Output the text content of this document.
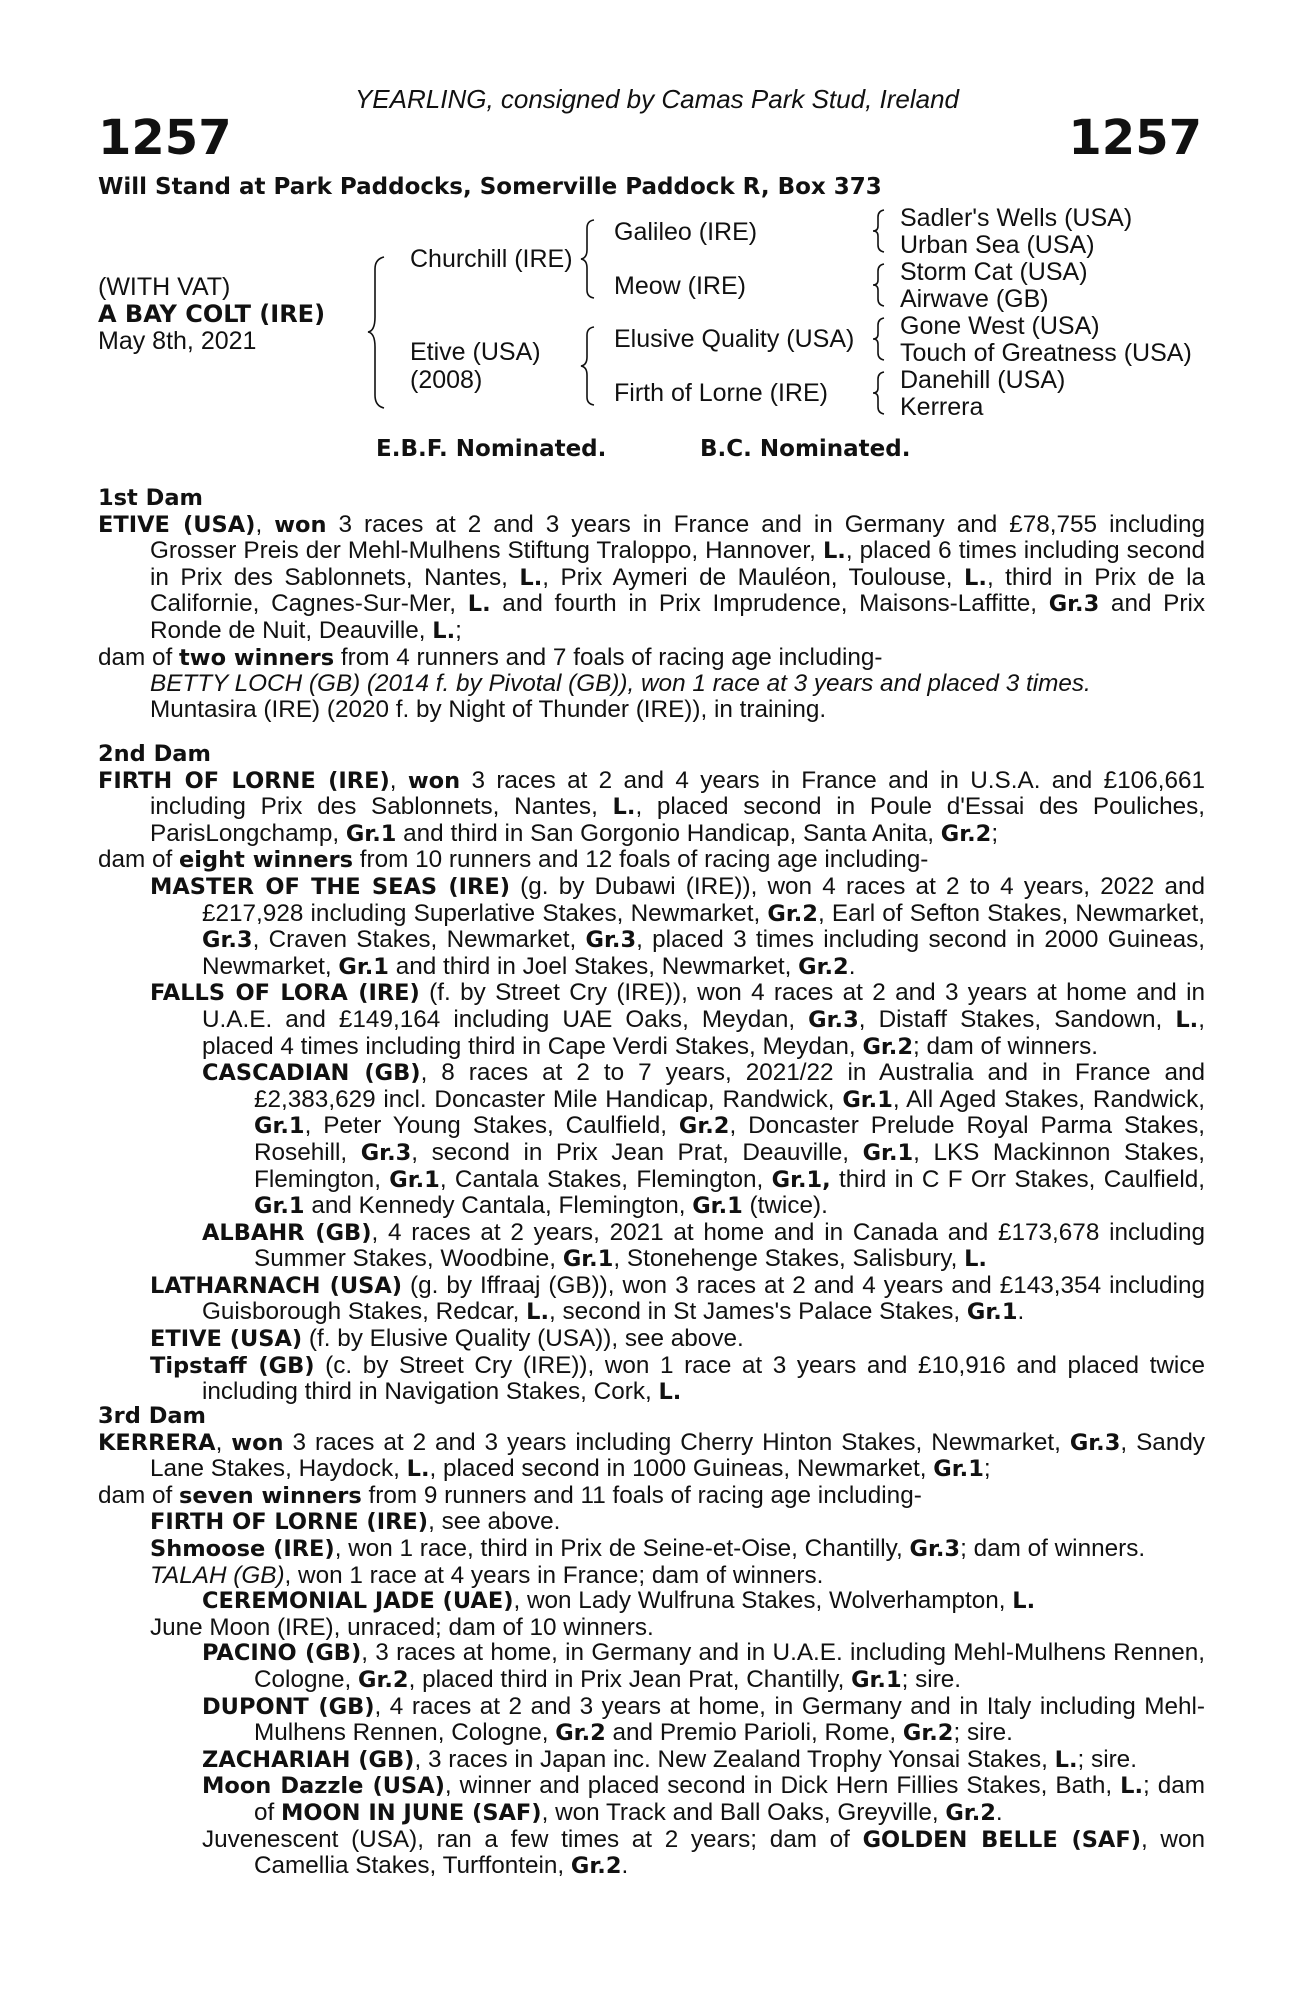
YEARLING, consigned by Camas Park Stud, Ireland
1257	1257
Will Stand at Park Paddocks, Somerville Paddock R, Box 373
(WITH VAT)
A BAY COLT (IRE)
May 8th, 2021
Churchill (IRE)
Etive (USA)
(2008)
Galileo (IRE)
Meow (IRE)
Elusive Quality (USA)
Firth of Lorne (IRE)
Sadler's Wells (USA)
Urban Sea (USA)
Storm Cat (USA)
Airwave (GB)
Gone West (USA)
Touch of Greatness (USA)
Danehill (USA)
Kerrera
E.B.F. Nominated.	B.C. Nominated.

1st Dam

ETIVE (USA), won 3 races at 2 and 3 years in France and in Germany and £78,755 including Grosser Preis der Mehl-Mulhens Stiftung Traloppo, Hannover, L., placed 6 times including second in Prix des Sablonnets, Nantes, L., Prix Aymeri de Mauléon, Toulouse, L., third in Prix de la Californie, Cagnes-Sur-Mer, L. and fourth in Prix Imprudence, Maisons-Laffitte, Gr.3 and Prix Ronde de Nuit, Deauville, L.;

dam of two winners from 4 runners and 7 foals of racing age including-

BETTY LOCH (GB) (2014 f. by Pivotal (GB)), won 1 race at 3 years and placed 3 times.

Muntasira (IRE) (2020 f. by Night of Thunder (IRE)), in training.

2nd Dam

FIRTH OF LORNE (IRE), won 3 races at 2 and 4 years in France and in U.S.A. and £106,661 including Prix des Sablonnets, Nantes, L., placed second in Poule d'Essai des Pouliches, ParisLongchamp, Gr.1 and third in San Gorgonio Handicap, Santa Anita, Gr.2;

dam of eight winners from 10 runners and 12 foals of racing age including-

MASTER OF THE SEAS (IRE) (g. by Dubawi (IRE)), won 4 races at 2 to 4 years, 2022 and £217,928 including Superlative Stakes, Newmarket, Gr.2, Earl of Sefton Stakes, Newmarket, Gr.3, Craven Stakes, Newmarket, Gr.3, placed 3 times including second in 2000 Guineas, Newmarket, Gr.1 and third in Joel Stakes, Newmarket, Gr.2.

FALLS OF LORA (IRE) (f. by Street Cry (IRE)), won 4 races at 2 and 3 years at home and in U.A.E. and £149,164 including UAE Oaks, Meydan, Gr.3, Distaff Stakes, Sandown, L., placed 4 times including third in Cape Verdi Stakes, Meydan, Gr.2; dam of winners.

CASCADIAN (GB), 8 races at 2 to 7 years, 2021/22 in Australia and in France and £2,383,629 incl. Doncaster Mile Handicap, Randwick, Gr.1, All Aged Stakes, Randwick, Gr.1, Peter Young Stakes, Caulfield, Gr.2, Doncaster Prelude Royal Parma Stakes, Rosehill, Gr.3, second in Prix Jean Prat, Deauville, Gr.1, LKS Mackinnon Stakes, Flemington, Gr.1, Cantala Stakes, Flemington, Gr.1, third in C F Orr Stakes, Caulfield, Gr.1 and Kennedy Cantala, Flemington, Gr.1 (twice).

ALBAHR (GB), 4 races at 2 years, 2021 at home and in Canada and £173,678 including Summer Stakes, Woodbine, Gr.1, Stonehenge Stakes, Salisbury, L.

LATHARNACH (USA) (g. by Iffraaj (GB)), won 3 races at 2 and 4 years and £143,354 including Guisborough Stakes, Redcar, L., second in St James's Palace Stakes, Gr.1.

ETIVE (USA) (f. by Elusive Quality (USA)), see above.

Tipstaff (GB) (c. by Street Cry (IRE)), won 1 race at 3 years and £10,916 and placed twice including third in Navigation Stakes, Cork, L.

3rd Dam

KERRERA, won 3 races at 2 and 3 years including Cherry Hinton Stakes, Newmarket, Gr.3, Sandy Lane Stakes, Haydock, L., placed second in 1000 Guineas, Newmarket, Gr.1;

dam of seven winners from 9 runners and 11 foals of racing age including-

FIRTH OF LORNE (IRE), see above.

Shmoose (IRE), won 1 race, third in Prix de Seine-et-Oise, Chantilly, Gr.3; dam of winners.

TALAH (GB), won 1 race at 4 years in France; dam of winners.

CEREMONIAL JADE (UAE), won Lady Wulfruna Stakes, Wolverhampton, L.

June Moon (IRE), unraced; dam of 10 winners.

PACINO (GB), 3 races at home, in Germany and in U.A.E. including Mehl-Mulhens Rennen, Cologne, Gr.2, placed third in Prix Jean Prat, Chantilly, Gr.1; sire.

DUPONT (GB), 4 races at 2 and 3 years at home, in Germany and in Italy including Mehl-Mulhens Rennen, Cologne, Gr.2 and Premio Parioli, Rome, Gr.2; sire.

ZACHARIAH (GB), 3 races in Japan inc. New Zealand Trophy Yonsai Stakes, L.; sire.

Moon Dazzle (USA), winner and placed second in Dick Hern Fillies Stakes, Bath, L.; dam of MOON IN JUNE (SAF), won Track and Ball Oaks, Greyville, Gr.2.

Juvenescent (USA), ran a few times at 2 years; dam of GOLDEN BELLE (SAF), won Camellia Stakes, Turffontein, Gr.2.
